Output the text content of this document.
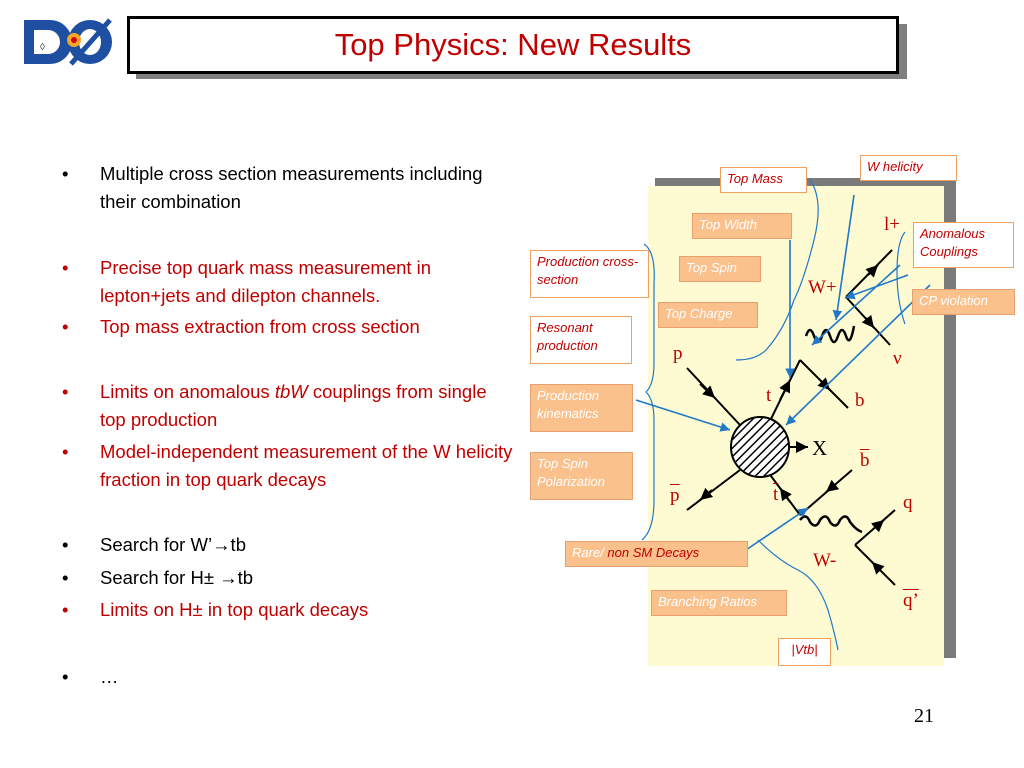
◊	Top Physics: New Results
•	Multiple cross section measurements including their combination
•	Precise top quark mass measurement in lepton+jets and dilepton channels.
•	Top mass extraction from cross section
•	Limits on anomalous tbW couplings from single top production
•	Model-independent measurement of the W helicity fraction in top quark decays
•	Search for W’→tb
•	Search for H± →tb
•	Limits on H± in top quark decays
•	…
Top Mass
W helicity
Top Width
Anomalous Couplings
Production cross-section
Top Spin
CP violation
Top Charge
Resonant production
Production kinematics
Top Spin Polarization
Rare/ non SM Decays
Branching Ratios
|Vtb|
p
$\overline{p}$
t
$\overline{t}$
X
b
$\overline{b}$
W+
W-
l+
ν
q
q’
21
